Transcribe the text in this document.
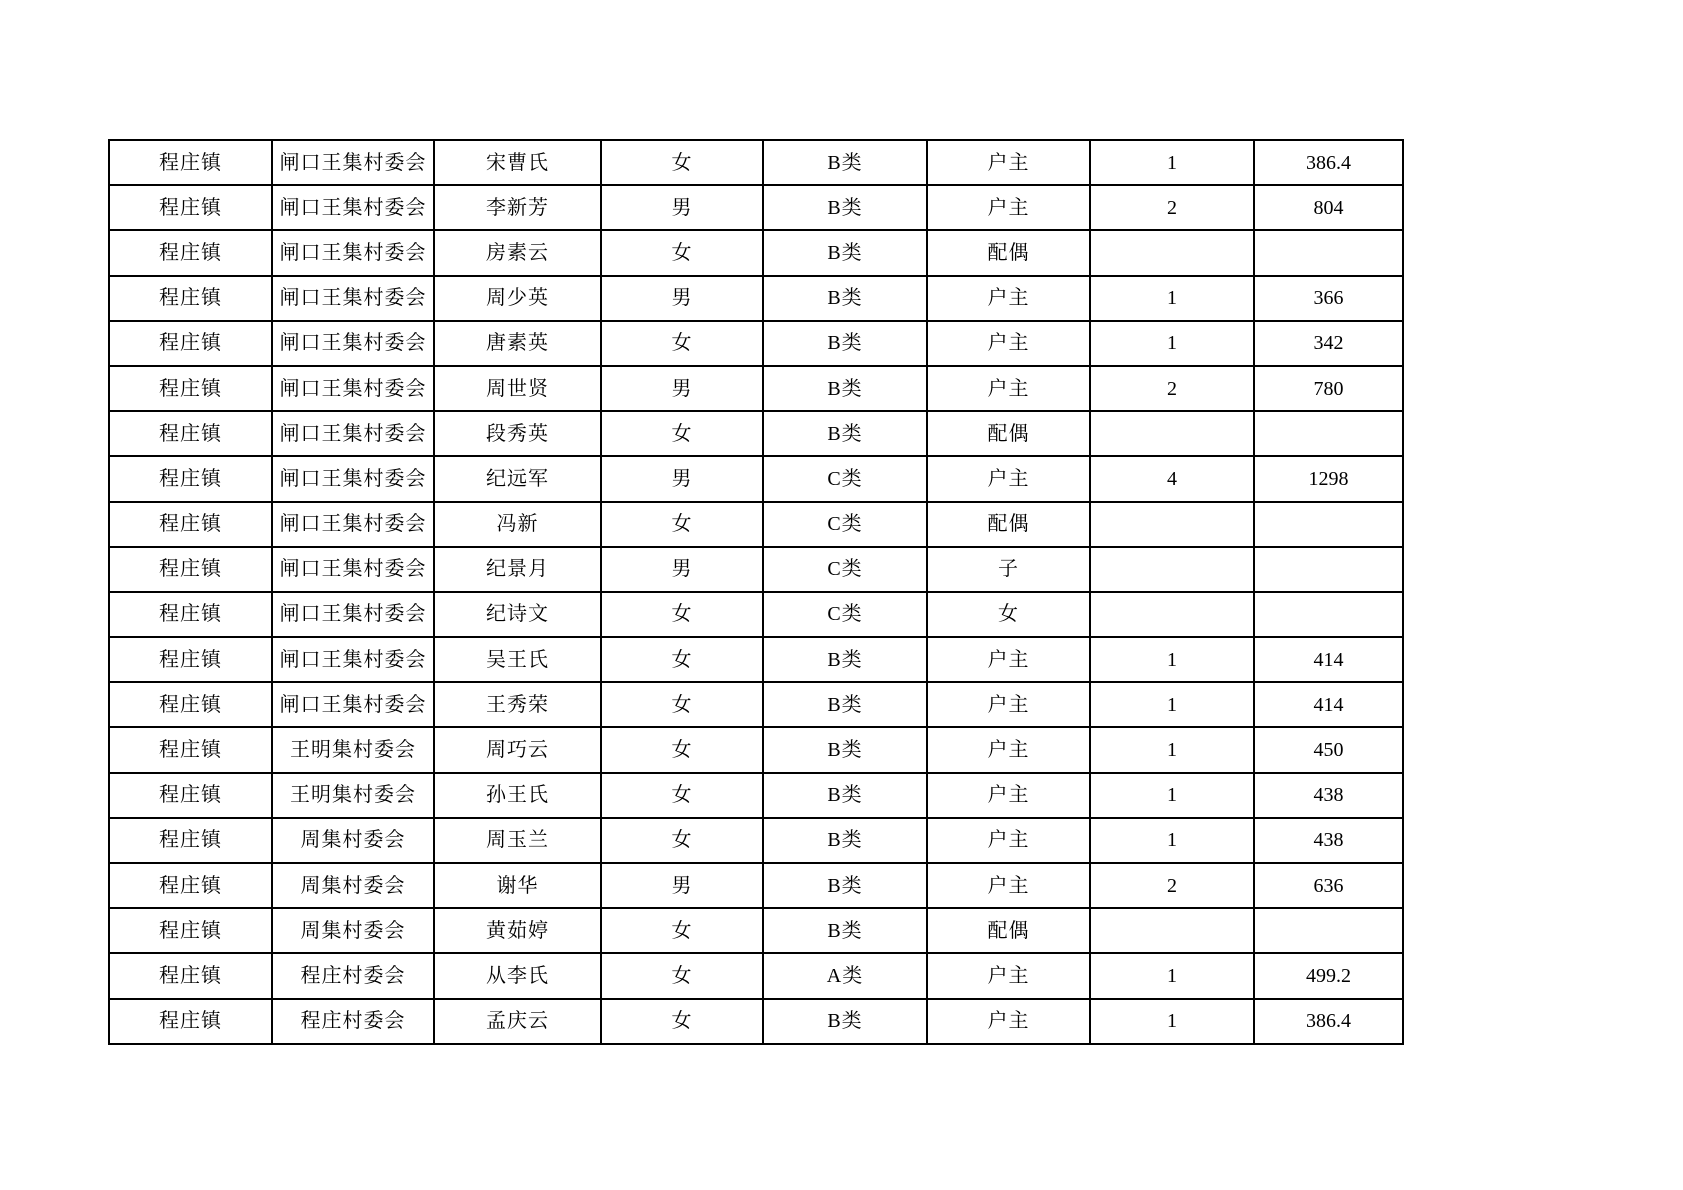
程庄镇	闸口王集村委会	宋曹氏	女	B类	户主	1	386.4
程庄镇	闸口王集村委会	李新芳	男	B类	户主	2	804
程庄镇	闸口王集村委会	房素云	女	B类	配偶		
程庄镇	闸口王集村委会	周少英	男	B类	户主	1	366
程庄镇	闸口王集村委会	唐素英	女	B类	户主	1	342
程庄镇	闸口王集村委会	周世贤	男	B类	户主	2	780
程庄镇	闸口王集村委会	段秀英	女	B类	配偶		
程庄镇	闸口王集村委会	纪远军	男	C类	户主	4	1298
程庄镇	闸口王集村委会	冯新	女	C类	配偶		
程庄镇	闸口王集村委会	纪景月	男	C类	子		
程庄镇	闸口王集村委会	纪诗文	女	C类	女		
程庄镇	闸口王集村委会	吴王氏	女	B类	户主	1	414
程庄镇	闸口王集村委会	王秀荣	女	B类	户主	1	414
程庄镇	王明集村委会	周巧云	女	B类	户主	1	450
程庄镇	王明集村委会	孙王氏	女	B类	户主	1	438
程庄镇	周集村委会	周玉兰	女	B类	户主	1	438
程庄镇	周集村委会	谢华	男	B类	户主	2	636
程庄镇	周集村委会	黄茹婷	女	B类	配偶		
程庄镇	程庄村委会	从李氏	女	A类	户主	1	499.2
程庄镇	程庄村委会	孟庆云	女	B类	户主	1	386.4
